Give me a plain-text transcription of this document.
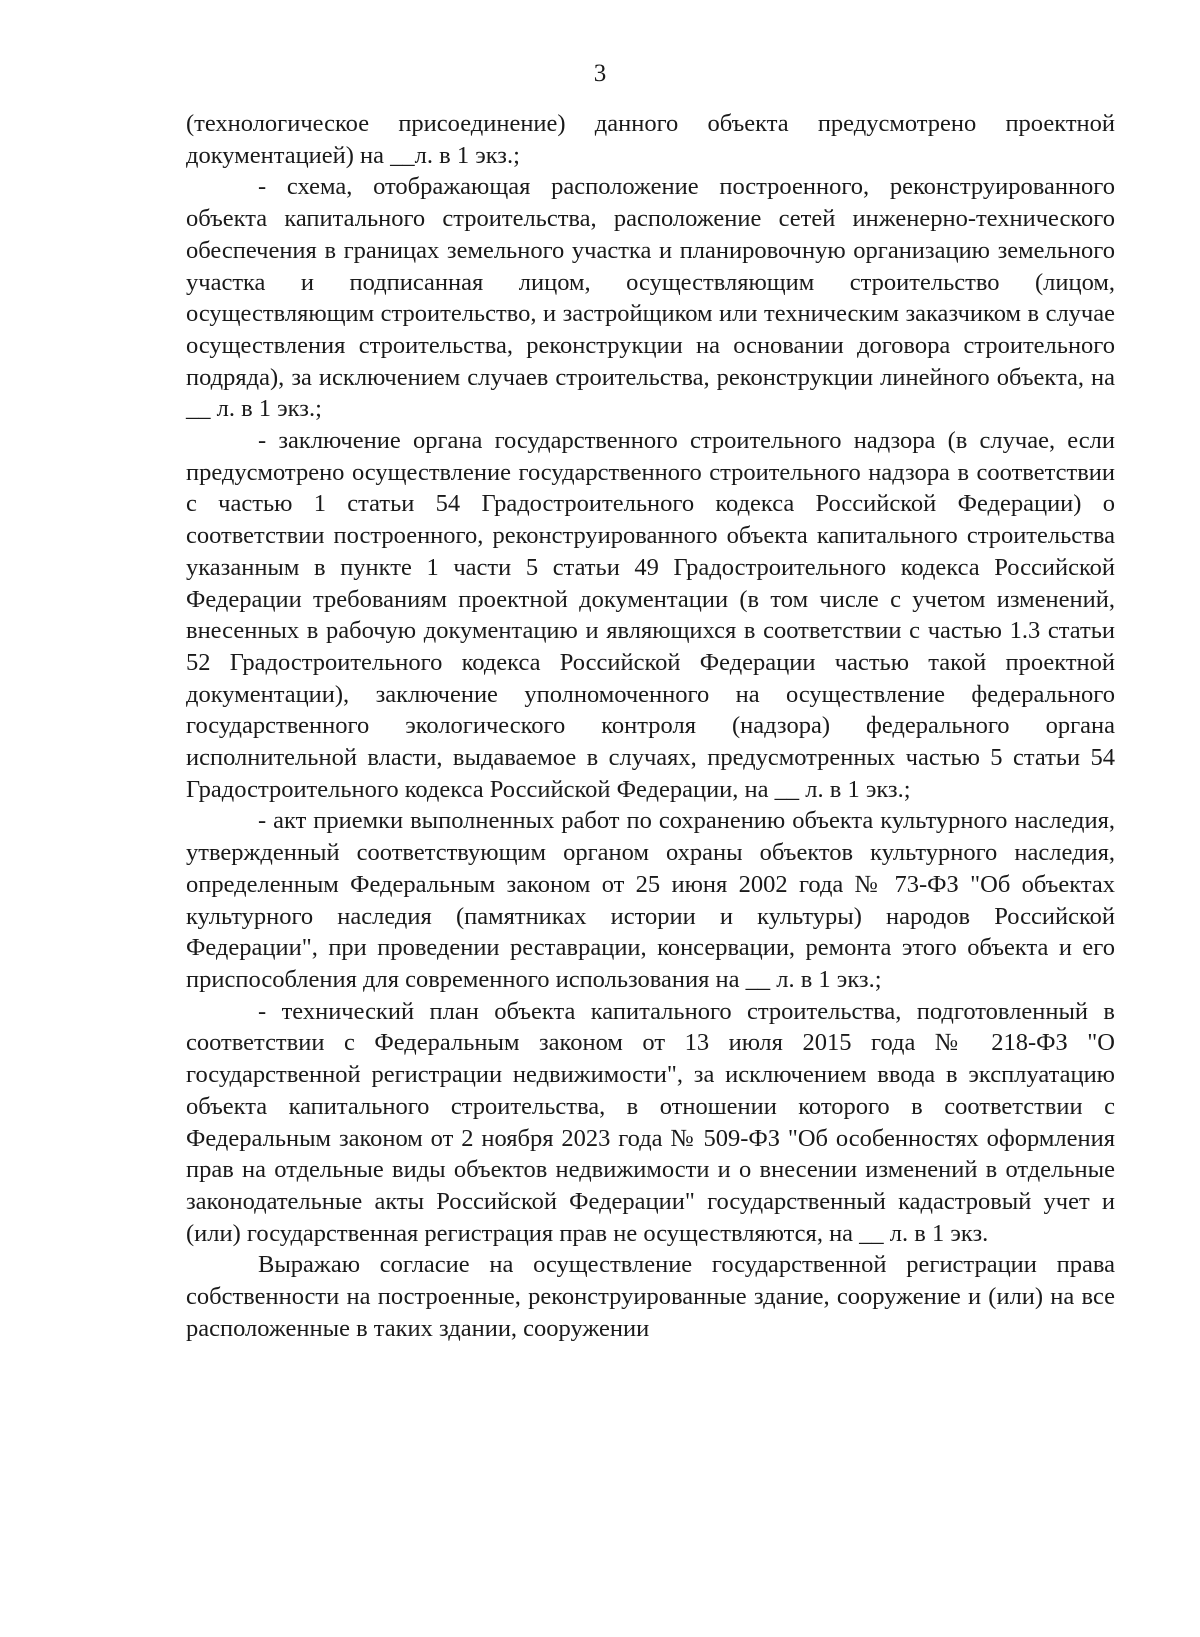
3

(технологическое присоединение) данного объекта предусмотрено проектной документацией) на __л. в 1 экз.;

- схема, отображающая расположение построенного, реконструированного объекта капитального строительства, расположение сетей инженерно-технического обеспечения в границах земельного участка и планировочную организацию земельного участка и подписанная лицом, осуществляющим строительство (лицом, осуществляющим строительство, и застройщиком или техническим заказчиком в случае осуществления строительства, реконструкции на основании договора строительного подряда), за исключением случаев строительства, реконструкции линейного объекта, на __ л. в 1 экз.;

- заключение органа государственного строительного надзора (в случае, если предусмотрено осуществление государственного строительного надзора в соответствии с частью 1 статьи 54 Градостроительного кодекса Российской Федерации) о соответствии построенного, реконструированного объекта капитального строительства указанным в пункте 1 части 5 статьи 49 Градостроительного кодекса Российской Федерации требованиям проектной документации (в том числе с учетом изменений, внесенных в рабочую документацию и являющихся в соответствии с частью 1.3 статьи 52 Градостроительного кодекса Российской Федерации частью такой проектной документации), заключение уполномоченного на осуществление федерального государственного экологического контроля (надзора) федерального органа исполнительной власти, выдаваемое в случаях, предусмотренных частью 5 статьи 54 Градостроительного кодекса Российской Федерации, на __ л. в 1 экз.;

- акт приемки выполненных работ по сохранению объекта культурного наследия, утвержденный соответствующим органом охраны объектов культурного наследия, определенным Федеральным законом от 25 июня 2002 года № 73-ФЗ "Об объектах культурного наследия (памятниках истории и культуры) народов Российской Федерации", при проведении реставрации, консервации, ремонта этого объекта и его приспособления для современного использования на __ л. в 1 экз.;

- технический план объекта капитального строительства, подготовленный в соответствии с Федеральным законом от 13 июля 2015 года № 218-ФЗ "О государственной регистрации недвижимости", за исключением ввода в эксплуатацию объекта капитального строительства, в отношении которого в соответствии с Федеральным законом от 2 ноября 2023 года № 509-ФЗ "Об особенностях оформления прав на отдельные виды объектов недвижимости и о внесении изменений в отдельные законодательные акты Российской Федерации" государственный кадастровый учет и (или) государственная регистрация прав не осуществляются, на __ л. в 1 экз.

Выражаю согласие на осуществление государственной регистрации права собственности на построенные, реконструированные здание, сооружение и (или) на все расположенные в таких здании, сооружении
